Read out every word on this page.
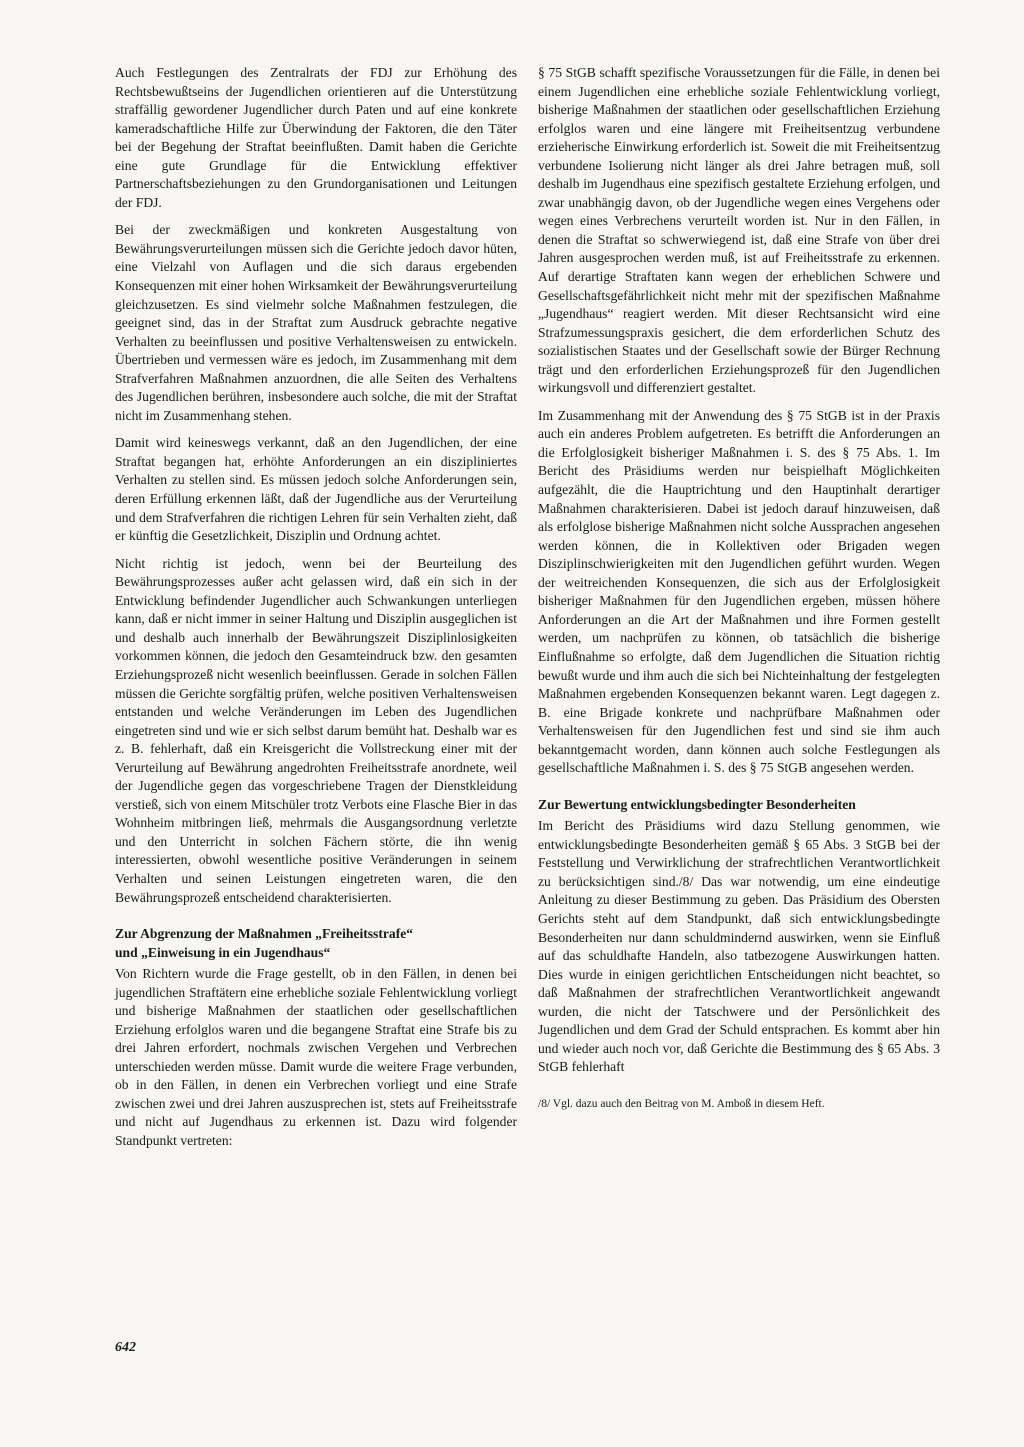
Auch Festlegungen des Zentralrats der FDJ zur Erhöhung des Rechtsbewußtseins der Jugendlichen orientieren auf die Unterstützung straffällig gewordener Jugendlicher durch Paten und auf eine konkrete kameradschaftliche Hilfe zur Überwindung der Faktoren, die den Täter bei der Begehung der Straftat beeinflußten. Damit haben die Gerichte eine gute Grundlage für die Entwicklung effektiver Partnerschaftsbeziehungen zu den Grundorganisationen und Leitungen der FDJ.

Bei der zweckmäßigen und konkreten Ausgestaltung von Bewährungsverurteilungen müssen sich die Gerichte jedoch davor hüten, eine Vielzahl von Auflagen und die sich daraus ergebenden Konsequenzen mit einer hohen Wirksamkeit der Bewährungsverurteilung gleichzusetzen. Es sind vielmehr solche Maßnahmen festzulegen, die geeignet sind, das in der Straftat zum Ausdruck gebrachte negative Verhalten zu beeinflussen und positive Verhaltensweisen zu entwickeln. Übertrieben und vermessen wäre es jedoch, im Zusammenhang mit dem Strafverfahren Maßnahmen anzuordnen, die alle Seiten des Verhaltens des Jugendlichen berühren, insbesondere auch solche, die mit der Straftat nicht im Zusammenhang stehen.

Damit wird keineswegs verkannt, daß an den Jugendlichen, der eine Straftat begangen hat, erhöhte Anforderungen an ein diszipliniertes Verhalten zu stellen sind. Es müssen jedoch solche Anforderungen sein, deren Erfüllung erkennen läßt, daß der Jugendliche aus der Verurteilung und dem Strafverfahren die richtigen Lehren für sein Verhalten zieht, daß er künftig die Gesetzlichkeit, Disziplin und Ordnung achtet.

Nicht richtig ist jedoch, wenn bei der Beurteilung des Bewährungsprozesses außer acht gelassen wird, daß ein sich in der Entwicklung befindender Jugendlicher auch Schwankungen unterliegen kann, daß er nicht immer in seiner Haltung und Disziplin ausgeglichen ist und deshalb auch innerhalb der Bewährungszeit Disziplinlosigkeiten vorkommen können, die jedoch den Gesamteindruck bzw. den gesamten Erziehungsprozeß nicht wesenlich beeinflussen. Gerade in solchen Fällen müssen die Gerichte sorgfältig prüfen, welche positiven Verhaltensweisen entstanden und welche Veränderungen im Leben des Jugendlichen eingetreten sind und wie er sich selbst darum bemüht hat. Deshalb war es z. B. fehlerhaft, daß ein Kreisgericht die Vollstreckung einer mit der Verurteilung auf Bewährung angedrohten Freiheitsstrafe anordnete, weil der Jugendliche gegen das vorgeschriebene Tragen der Dienstkleidung verstieß, sich von einem Mitschüler trotz Verbots eine Flasche Bier in das Wohnheim mitbringen ließ, mehrmals die Ausgangsordnung verletzte und den Unterricht in solchen Fächern störte, die ihn wenig interessierten, obwohl wesentliche positive Veränderungen in seinem Verhalten und seinen Leistungen eingetreten waren, die den Bewährungsprozeß entscheidend charakterisierten.

Zur Abgrenzung der Maßnahmen „Freiheitsstrafe“
und „Einweisung in ein Jugendhaus“

Von Richtern wurde die Frage gestellt, ob in den Fällen, in denen bei jugendlichen Straftätern eine erhebliche soziale Fehlentwicklung vorliegt und bisherige Maßnahmen der staatlichen oder gesellschaftlichen Erziehung erfolglos waren und die begangene Straftat eine Strafe bis zu drei Jahren erfordert, nochmals zwischen Vergehen und Verbrechen unterschieden werden müsse. Damit wurde die weitere Frage verbunden, ob in den Fällen, in denen ein Verbrechen vorliegt und eine Strafe zwischen zwei und drei Jahren auszusprechen ist, stets auf Freiheitsstrafe und nicht auf Jugendhaus zu erkennen ist. Dazu wird folgender Standpunkt vertreten:

§ 75 StGB schafft spezifische Voraussetzungen für die Fälle, in denen bei einem Jugendlichen eine erhebliche soziale Fehlentwicklung vorliegt, bisherige Maßnahmen der staatlichen oder gesellschaftlichen Erziehung erfolglos waren und eine längere mit Freiheitsentzug verbundene erzieherische Einwirkung erforderlich ist. Soweit die mit Freiheitsentzug verbundene Isolierung nicht länger als drei Jahre betragen muß, soll deshalb im Jugendhaus eine spezifisch gestaltete Erziehung erfolgen, und zwar unabhängig davon, ob der Jugendliche wegen eines Vergehens oder wegen eines Verbrechens verurteilt worden ist. Nur in den Fällen, in denen die Straftat so schwerwiegend ist, daß eine Strafe von über drei Jahren ausgesprochen werden muß, ist auf Freiheitsstrafe zu erkennen. Auf derartige Straftaten kann wegen der erheblichen Schwere und Gesellschaftsgefährlichkeit nicht mehr mit der spezifischen Maßnahme „Jugendhaus“ reagiert werden. Mit dieser Rechtsansicht wird eine Strafzumessungspraxis gesichert, die dem erforderlichen Schutz des sozialistischen Staates und der Gesellschaft sowie der Bürger Rechnung trägt und den erforderlichen Erziehungsprozeß für den Jugendlichen wirkungsvoll und differenziert gestaltet.

Im Zusammenhang mit der Anwendung des § 75 StGB ist in der Praxis auch ein anderes Problem aufgetreten. Es betrifft die Anforderungen an die Erfolglosigkeit bisheriger Maßnahmen i. S. des § 75 Abs. 1. Im Bericht des Präsidiums werden nur beispielhaft Möglichkeiten aufgezählt, die die Hauptrichtung und den Hauptinhalt derartiger Maßnahmen charakterisieren. Dabei ist jedoch darauf hinzuweisen, daß als erfolglose bisherige Maßnahmen nicht solche Aussprachen angesehen werden können, die in Kollektiven oder Brigaden wegen Disziplinschwierigkeiten mit den Jugendlichen geführt wurden. Wegen der weitreichenden Konsequenzen, die sich aus der Erfolglosigkeit bisheriger Maßnahmen für den Jugendlichen ergeben, müssen höhere Anforderungen an die Art der Maßnahmen und ihre Formen gestellt werden, um nachprüfen zu können, ob tatsächlich die bisherige Einflußnahme so erfolgte, daß dem Jugendlichen die Situation richtig bewußt wurde und ihm auch die sich bei Nichteinhaltung der festgelegten Maßnahmen ergebenden Konsequenzen bekannt waren. Legt dagegen z. B. eine Brigade konkrete und nachprüfbare Maßnahmen oder Verhaltensweisen für den Jugendlichen fest und sind sie ihm auch bekanntgemacht worden, dann können auch solche Festlegungen als gesellschaftliche Maßnahmen i. S. des § 75 StGB angesehen werden.

Zur Bewertung entwicklungsbedingter Besonderheiten

Im Bericht des Präsidiums wird dazu Stellung genommen, wie entwicklungsbedingte Besonderheiten gemäß § 65 Abs. 3 StGB bei der Feststellung und Verwirklichung der strafrechtlichen Verantwortlichkeit zu berücksichtigen sind./8/ Das war notwendig, um eine eindeutige Anleitung zu dieser Bestimmung zu geben. Das Präsidium des Obersten Gerichts steht auf dem Standpunkt, daß sich entwicklungsbedingte Besonderheiten nur dann schuldmindernd auswirken, wenn sie Einfluß auf das schuldhafte Handeln, also tatbezogene Auswirkungen hatten. Dies wurde in einigen gerichtlichen Entscheidungen nicht beachtet, so daß Maßnahmen der strafrechtlichen Verantwortlichkeit angewandt wurden, die nicht der Tatschwere und der Persönlichkeit des Jugendlichen und dem Grad der Schuld entsprachen. Es kommt aber hin und wieder auch noch vor, daß Gerichte die Bestimmung des § 65 Abs. 3 StGB fehlerhaft

/8/ Vgl. dazu auch den Beitrag von M. Amboß in diesem Heft.
642
